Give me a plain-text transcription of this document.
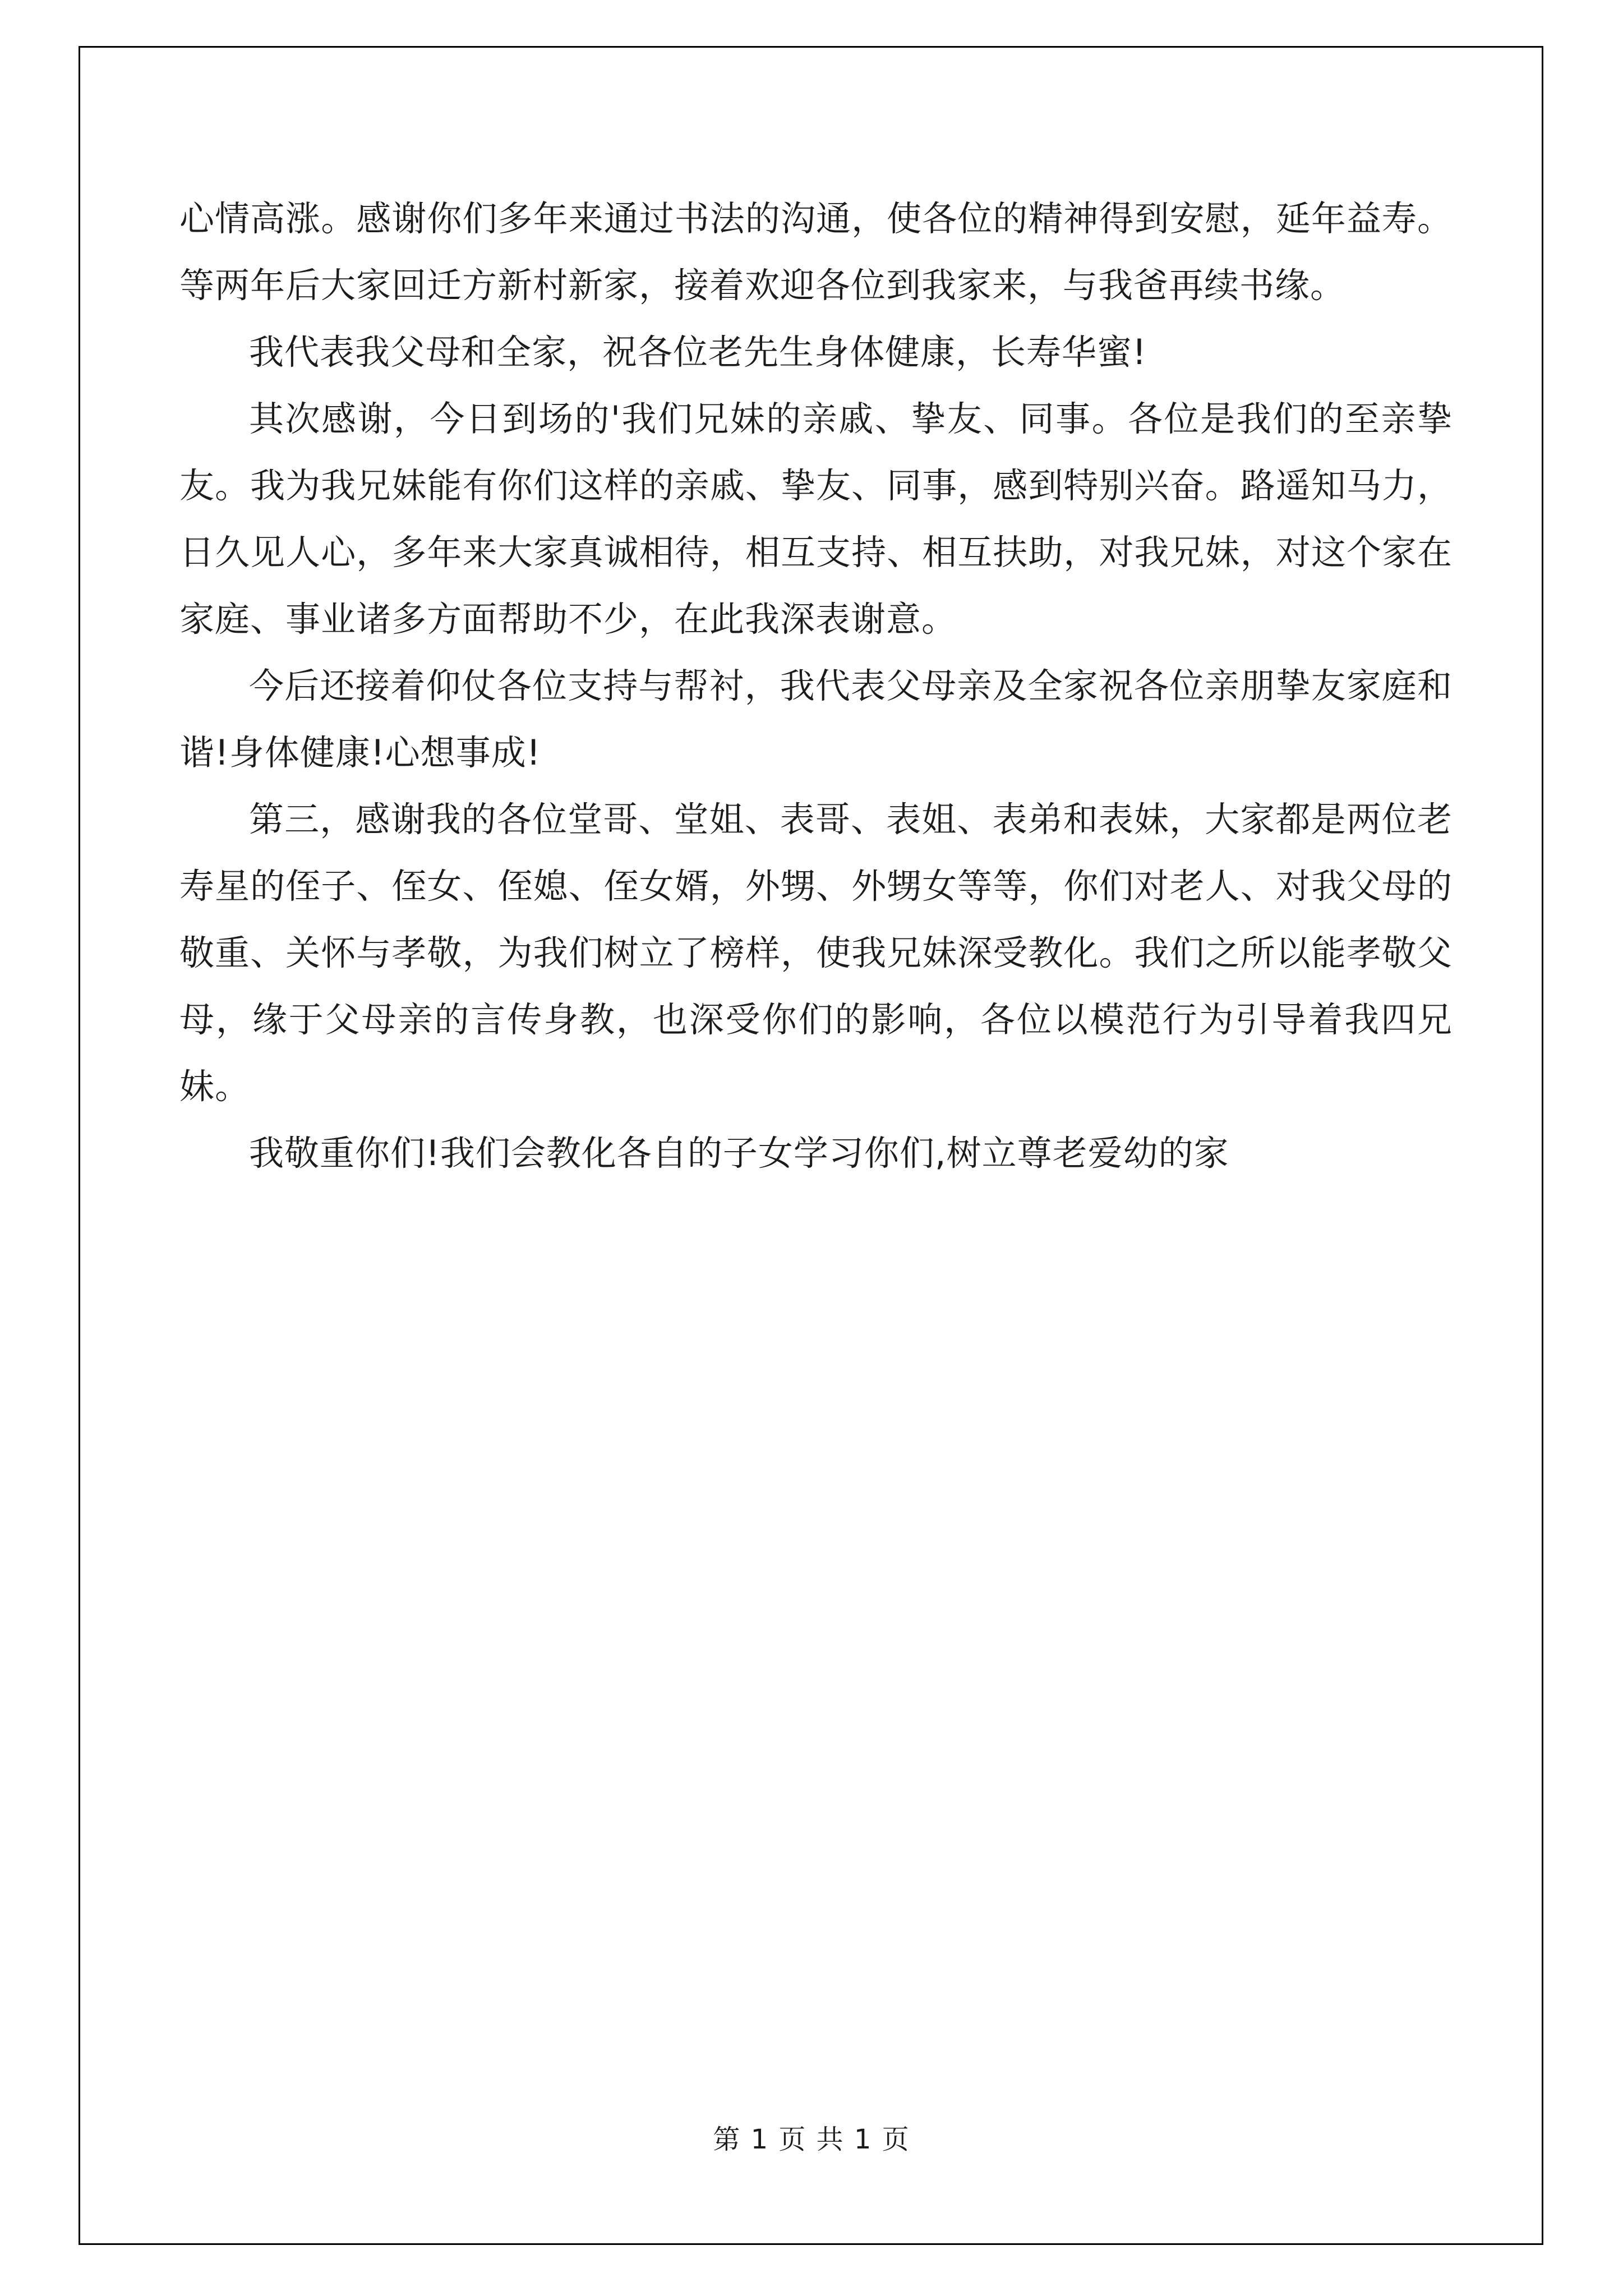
心情高涨。感谢你们多年来通过书法的沟通，使各位的精神得到安慰，延年益寿。等两年后大家回迁方新村新家，接着欢迎各位到我家来，与我爸再续书缘。

我代表我父母和全家，祝各位老先生身体健康，长寿华蜜!

其次感谢，今日到场的'我们兄妹的亲戚、挚友、同事。各位是我们的至亲挚友。我为我兄妹能有你们这样的亲戚、挚友、同事，感到特别兴奋。路遥知马力，日久见人心，多年来大家真诚相待，相互支持、相互扶助，对我兄妹，对这个家在家庭、事业诸多方面帮助不少，在此我深表谢意。

今后还接着仰仗各位支持与帮衬，我代表父母亲及全家祝各位亲朋挚友家庭和谐!身体健康!心想事成!

第三，感谢我的各位堂哥、堂姐、表哥、表姐、表弟和表妹，大家都是两位老寿星的侄子、侄女、侄媳、侄女婿，外甥、外甥女等等，你们对老人、对我父母的敬重、关怀与孝敬，为我们树立了榜样，使我兄妹深受教化。我们之所以能孝敬父母，缘于父母亲的言传身教，也深受你们的影响，各位以模范行为引导着我四兄妹。

我敬重你们!我们会教化各自的子女学习你们,树立尊老爱幼的家

第 1 页 共 1 页
